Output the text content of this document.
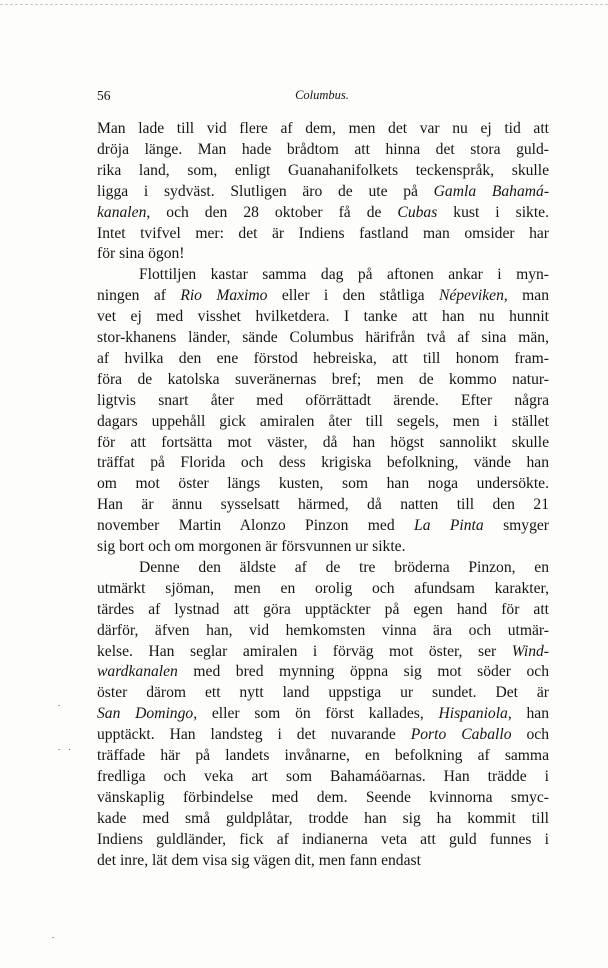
56	Columbus.
Man lade till vid flere af dem, men det var nu ej tid att
dröja länge. Man hade brådtom att hinna det stora guld-
rika land, som, enligt Guanahanifolkets teckenspråk, skulle
ligga i sydväst. Slutligen äro de ute på Gamla Bahamá-
kanalen, och den 28 oktober få de Cubas kust i sikte.
Intet tvifvel mer: det är Indiens fastland man omsider har
för sina ögon!
Flottiljen kastar samma dag på aftonen ankar i myn-
ningen af Rio Maximo eller i den ståtliga Népeviken, man
vet ej med visshet hvilketdera. I tanke att han nu hunnit
stor-khanens länder, sände Columbus härifrån två af sina män,
af hvilka den ene förstod hebreiska, att till honom fram-
föra de katolska suveränernas bref; men de kommo natur-
ligtvis snart åter med oförrättadt ärende. Efter några
dagars uppehåll gick amiralen åter till segels, men i stället
för att fortsätta mot väster, då han högst sannolikt skulle
träffat på Florida och dess krigiska befolkning, vände han
om mot öster längs kusten, som han noga undersökte.
Han är ännu sysselsatt härmed, då natten till den 21
november Martin Alonzo Pinzon med La Pinta smyger
sig bort och om morgonen är försvunnen ur sikte.
Denne den äldste af de tre bröderna Pinzon, en
utmärkt sjöman, men en orolig och afundsam karakter,
tärdes af lystnad att göra upptäckter på egen hand för att
därför, äfven han, vid hemkomsten vinna ära och utmär-
kelse. Han seglar amiralen i förväg mot öster, ser Wind-
wardkanalen med bred mynning öppna sig mot söder och
öster därom ett nytt land uppstiga ur sundet. Det är
San Domingo, eller som ön först kallades, Hispaniola, han
upptäckt. Han landsteg i det nuvarande Porto Caballo och
träffade här på landets invånarne, en befolkning af samma
fredliga och veka art som Bahamáöarnas. Han trädde i
vänskaplig förbindelse med dem. Seende kvinnorna smyc-
kade med små guldplåtar, trodde han sig ha kommit till
Indiens guldländer, fick af indianerna veta att guld funnes i
det inre, lät dem visa sig vägen dit, men fann endast
.
. .
.
